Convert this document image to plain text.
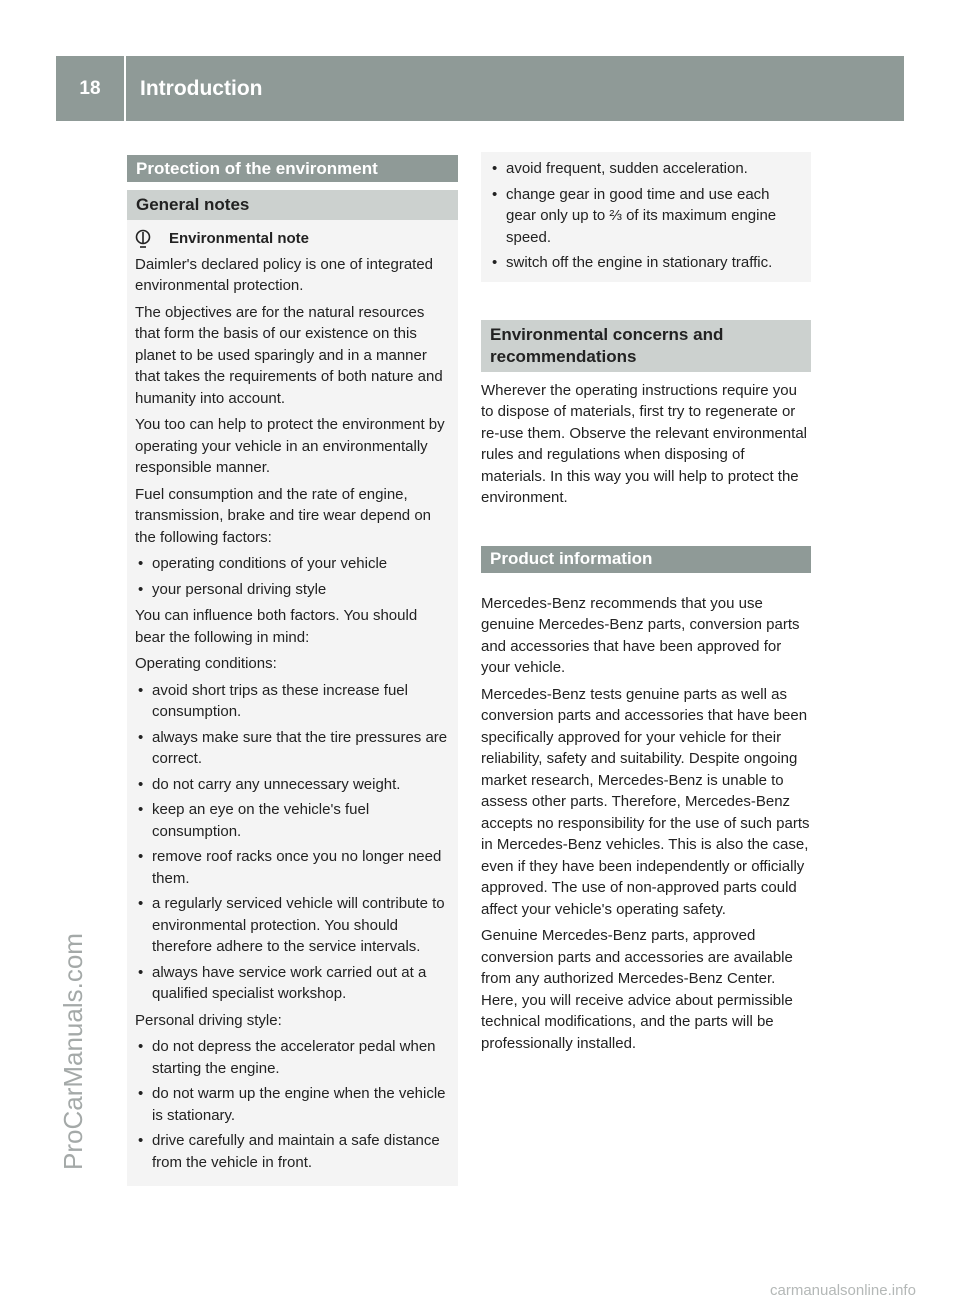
18	Introduction
ProCarManuals.com
Protection of the environment
General notes
Environmental note

Daimler's declared policy is one of integrated environmental protection.

The objectives are for the natural resources that form the basis of our existence on this planet to be used sparingly and in a manner that takes the requirements of both nature and humanity into account.

You too can help to protect the environment by operating your vehicle in an environmentally responsible manner.

Fuel consumption and the rate of engine, transmission, brake and tire wear depend on the following factors:

• operating conditions of your vehicle
• your personal driving style

You can influence both factors. You should bear the following in mind:

Operating conditions:

• avoid short trips as these increase fuel consumption.
• always make sure that the tire pressures are correct.
• do not carry any unnecessary weight.
• keep an eye on the vehicle's fuel consumption.
• remove roof racks once you no longer need them.
• a regularly serviced vehicle will contribute to environmental protection. You should therefore adhere to the service intervals.
• always have service work carried out at a qualified specialist workshop.

Personal driving style:

• do not depress the accelerator pedal when starting the engine.
• do not warm up the engine when the vehicle is stationary.
• drive carefully and maintain a safe distance from the vehicle in front.
• avoid frequent, sudden acceleration.
• change gear in good time and use each gear only up to ⅔ of its maximum engine speed.
• switch off the engine in stationary traffic.
Environmental concerns and recommendations

Wherever the operating instructions require you to dispose of materials, first try to regenerate or re-use them. Observe the relevant environmental rules and regulations when disposing of materials. In this way you will help to protect the environment.

Product information

Mercedes-Benz recommends that you use genuine Mercedes-Benz parts, conversion parts and accessories that have been approved for your vehicle.

Mercedes-Benz tests genuine parts as well as conversion parts and accessories that have been specifically approved for your vehicle for their reliability, safety and suitability. Despite ongoing market research, Mercedes-Benz is unable to assess other parts. Therefore, Mercedes-Benz accepts no responsibility for the use of such parts in Mercedes-Benz vehicles. This is also the case, even if they have been independently or officially approved. The use of non-approved parts could affect your vehicle's operating safety.

Genuine Mercedes-Benz parts, approved conversion parts and accessories are available from any authorized Mercedes-Benz Center. Here, you will receive advice about permissible technical modifications, and the parts will be professionally installed.

carmanualsonline.info
